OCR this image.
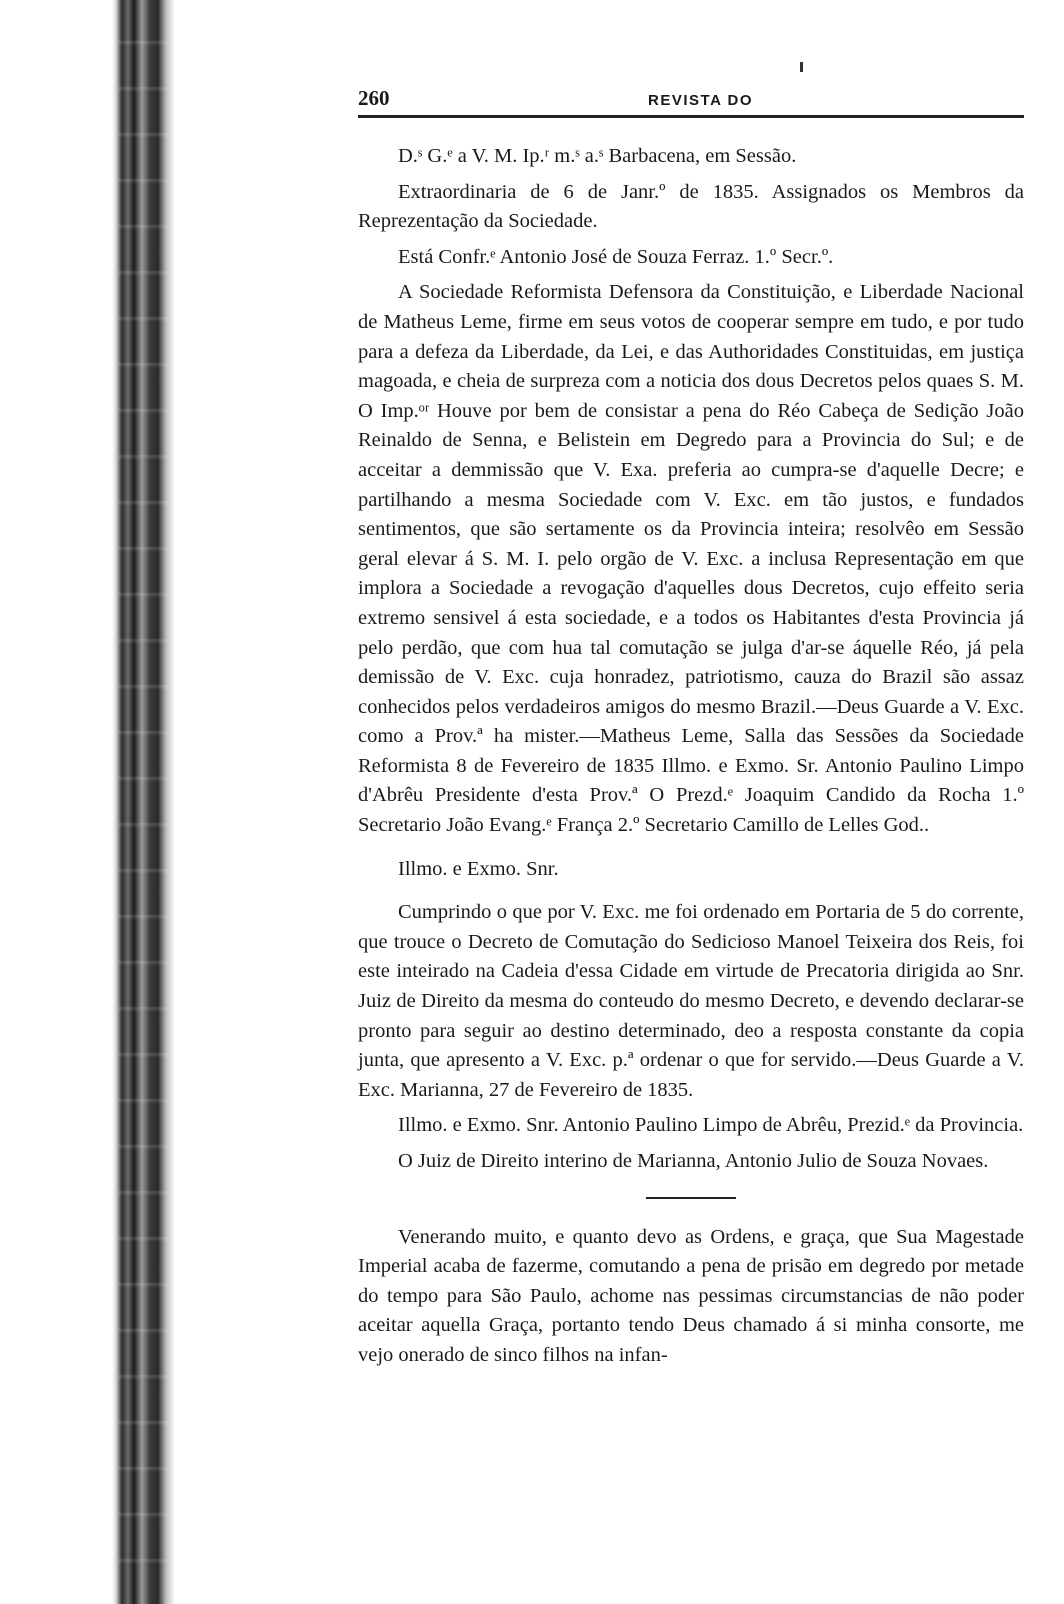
260	REVISTA DO

D.ˢ G.ᵉ a V. M. Ip.ʳ m.ˢ a.ˢ Barbacena, em Sessão.

Extraordinaria de 6 de Janr.º de 1835. Assignados os Membros da Reprezentação da Sociedade.

Está Confr.ᵉ Antonio José de Souza Ferraz. 1.º Secr.º.

A Sociedade Reformista Defensora da Constituição, e Liberdade Nacional de Matheus Leme, firme em seus votos de cooperar sempre em tudo, e por tudo para a defeza da Liberdade, da Lei, e das Authoridades Constituidas, em justiça magoada, e cheia de surpreza com a noticia dos dous Decretos pelos quaes S. M. O Imp.ᵒʳ Houve por bem de consistar a pena do Réo Cabeça de Sedição João Reinaldo de Senna, e Belistein em Degredo para a Provincia do Sul; e de acceitar a demmissão que V. Exa. preferia ao cumpra-se d'aquelle Decre; e partilhando a mesma Sociedade com V. Exc. em tão justos, e fundados sentimentos, que são sertamente os da Provincia inteira; resolvêo em Sessão geral elevar á S. M. I. pelo orgão de V. Exc. a inclusa Representação em que implora a Sociedade a revogação d'aquelles dous Decretos, cujo effeito seria extremo sensivel á esta sociedade, e a todos os Habitantes d'esta Provincia já pelo perdão, que com hua tal comutação se julga d'ar-se áquelle Réo, já pela demissão de V. Exc. cuja honradez, patriotismo, cauza do Brazil são assaz conhecidos pelos verdadeiros amigos do mesmo Brazil.—Deus Guarde a V. Exc. como a Prov.ª ha mister.—Matheus Leme, Salla das Sessões da Sociedade Reformista 8 de Fevereiro de 1835 Illmo. e Exmo. Sr. Antonio Paulino Limpo d'Abrêu Presidente d'esta Prov.ª O Prezd.ᵉ Joaquim Candido da Rocha 1.º Secretario João Evang.ᵉ França 2.º Secretario Camillo de Lelles God..

Illmo. e Exmo. Snr.

Cumprindo o que por V. Exc. me foi ordenado em Portaria de 5 do corrente, que trouce o Decreto de Comutação do Sedicioso Manoel Teixeira dos Reis, foi este inteirado na Cadeia d'essa Cidade em virtude de Precatoria dirigida ao Snr. Juiz de Direito da mesma do conteudo do mesmo Decreto, e devendo declarar-se pronto para seguir ao destino determinado, deo a resposta constante da copia junta, que apresento a V. Exc. p.ª ordenar o que for servido.—Deus Guarde a V. Exc. Marianna, 27 de Fevereiro de 1835.

Illmo. e Exmo. Snr. Antonio Paulino Limpo de Abrêu, Prezid.ᵉ da Provincia.

O Juiz de Direito interino de Marianna, Antonio Julio de Souza Novaes.

Venerando muito, e quanto devo as Ordens, e graça, que Sua Magestade Imperial acaba de fazerme, comutando a pena de prisão em degredo por metade do tempo para São Paulo, achome nas pessimas circumstancias de não poder aceitar aquella Graça, portanto tendo Deus chamado á si minha consorte, me vejo onerado de sinco filhos na infan-
